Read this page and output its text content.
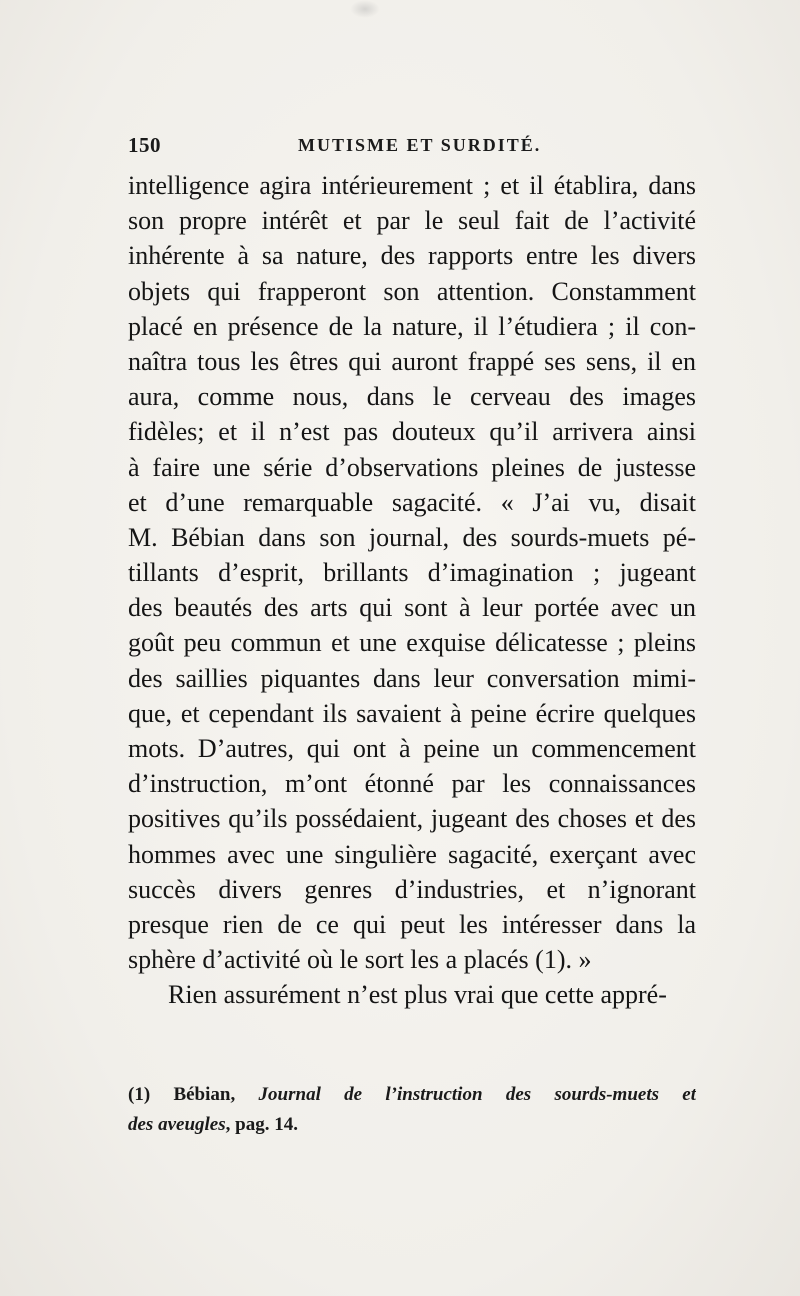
150	MUTISME ET SURDITÉ.
intelligence agira intérieurement ; et il établira, dans
son propre intérêt et par le seul fait de l’activité
inhérente à sa nature, des rapports entre les divers
objets qui frapperont son attention. Constamment
placé en présence de la nature, il l’étudiera ; il con-
naîtra tous les êtres qui auront frappé ses sens, il en
aura, comme nous, dans le cerveau des images
fidèles; et il n’est pas douteux qu’il arrivera ainsi
à faire une série d’observations pleines de justesse
et d’une remarquable sagacité. « J’ai vu, disait
M. Bébian dans son journal, des sourds-muets pé-
tillants d’esprit, brillants d’imagination ; jugeant
des beautés des arts qui sont à leur portée avec un
goût peu commun et une exquise délicatesse ; pleins
des saillies piquantes dans leur conversation mimi-
que, et cependant ils savaient à peine écrire quelques
mots. D’autres, qui ont à peine un commencement
d’instruction, m’ont étonné par les connaissances
positives qu’ils possédaient, jugeant des choses et des
hommes avec une singulière sagacité, exerçant avec
succès divers genres d’industries, et n’ignorant
presque rien de ce qui peut les intéresser dans la
sphère d’activité où le sort les a placés (1). »
Rien assurément n’est plus vrai que cette appré-
(1) Bébian, Journal de l’instruction des sourds-muets et
des aveugles, pag. 14.
